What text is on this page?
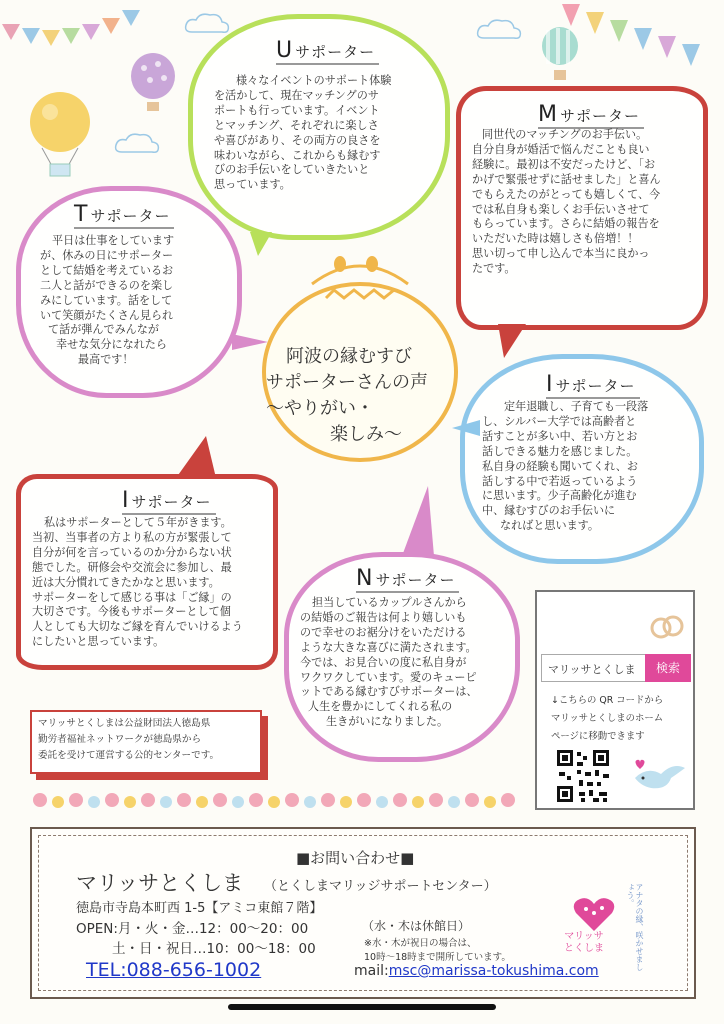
U サポーター

様々なイベントのサポート体験

を活かして、現在マッチングのサ

ポートも行っています。イベント

とマッチング、それぞれに楽しさ

や喜びがあり、その両方の良さを

味わいながら、これからも縁むす

びのお手伝いをしていきたいと

思っています。

M サポーター

同世代のマッチングのお手伝い。

自分自身が婚活で悩んだことも良い

経験に。最初は不安だったけど、「お

かげで緊張せずに話せました」と喜ん

でもらえたのがとっても嬉しくて、今

では私自身も楽しくお手伝いさせて

もらっています。さらに結婚の報告を

いただいた時は嬉しさも倍増！！

思い切って申し込んで本当に良かっ

たです。

T サポーター

平日は仕事をしています

が、休みの日にサポーター

として結婚を考えているお

二人と話ができるのを楽し

みにしています。話をして

いて笑顔がたくさん見られ

て話が弾んでみんなが

幸せな気分になれたら

最高です！	阿波の縁むすび
サポーターさんの声
〜やりがい・
楽しみ〜
I サポーター

定年退職し、子育ても一段落

し、シルバー大学では高齢者と

話すことが多い中、若い方とお

話しできる魅力を感じました。

私自身の経験も聞いてくれ、お

話しする中で若返っているよう

に思います。少子高齢化が進む

中、縁むすびのお手伝いに

なればと思います。

I サポーター

私はサポーターとして５年がきます。

当初、当事者の方より私の方が緊張して

自分が何を言っているのか分からない状

態でした。研修会や交流会に参加し、最

近は大分慣れてきたかなと思います。

サポーターをして感じる事は「ご縁」の

大切さです。今後もサポーターとして個

人としても大切なご縁を育んでいけるよう

にしたいと思っています。

N サポーター

担当しているカップルさんから

の結婚のご報告は何より嬉しいも

ので幸せのお裾分けをいただける

ような大きな喜びに満たされます。

今では、お見合いの度に私自身が

ワクワクしています。愛のキューピ

ットである縁むすびサポーターは、

人生を豊かにしてくれる私の

生きがいになりました。

マリッサとくしまは公益財団法人徳島県

勤労者福祉ネットワークが徳島県から

委託を受けて運営する公的センターです。

マリッサとくしま	検索

↓こちらの QR コードから

マリッサとくしまのホーム

ページに移動できます

■お問い合わせ■
マリッサとくしま （とくしまマリッジサポートセンター）
徳島市寺島本町西 1-5【アミコ東館７階】
OPEN:月・火・金…12：00〜20：00
土・日・祝日…10：00〜18：00
（水・木は休館日）
※水・木が祝日の場合は、
10時〜18時まで開所しています。
TEL:088-656-1002	mail:msc@marissa-tokushima.com
マリッサ
とくしま	アナタの縁、咲かせましょう。
